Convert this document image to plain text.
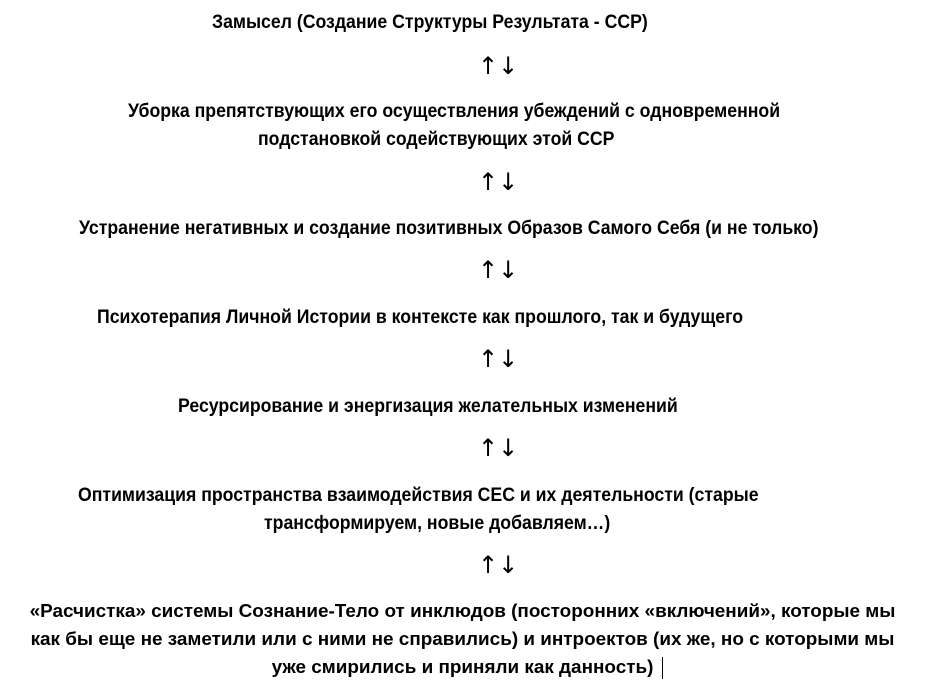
Замысел (Создание Структуры Результата - ССР)
↑↓
Уборка препятствующих его осуществления убеждений с одновременной
подстановкой содействующих этой ССР
↑↓
Устранение негативных и создание позитивных Образов Самого Себя (и не только)
↑↓
Психотерапия Личной Истории в контексте как прошлого, так и будущего
↑↓
Ресурсирование и энергизация желательных изменений
↑↓
Оптимизация пространства взаимодействия СЕС и их деятельности (старые
трансформируем, новые добавляем…)
↑↓
«Расчистка» системы Сознание-Тело от инклюдов (посторонних «включений», которые мы
как бы еще не заметили или с ними не справились) и интроектов (их же, но с которыми мы
уже смирились и приняли как данность)
